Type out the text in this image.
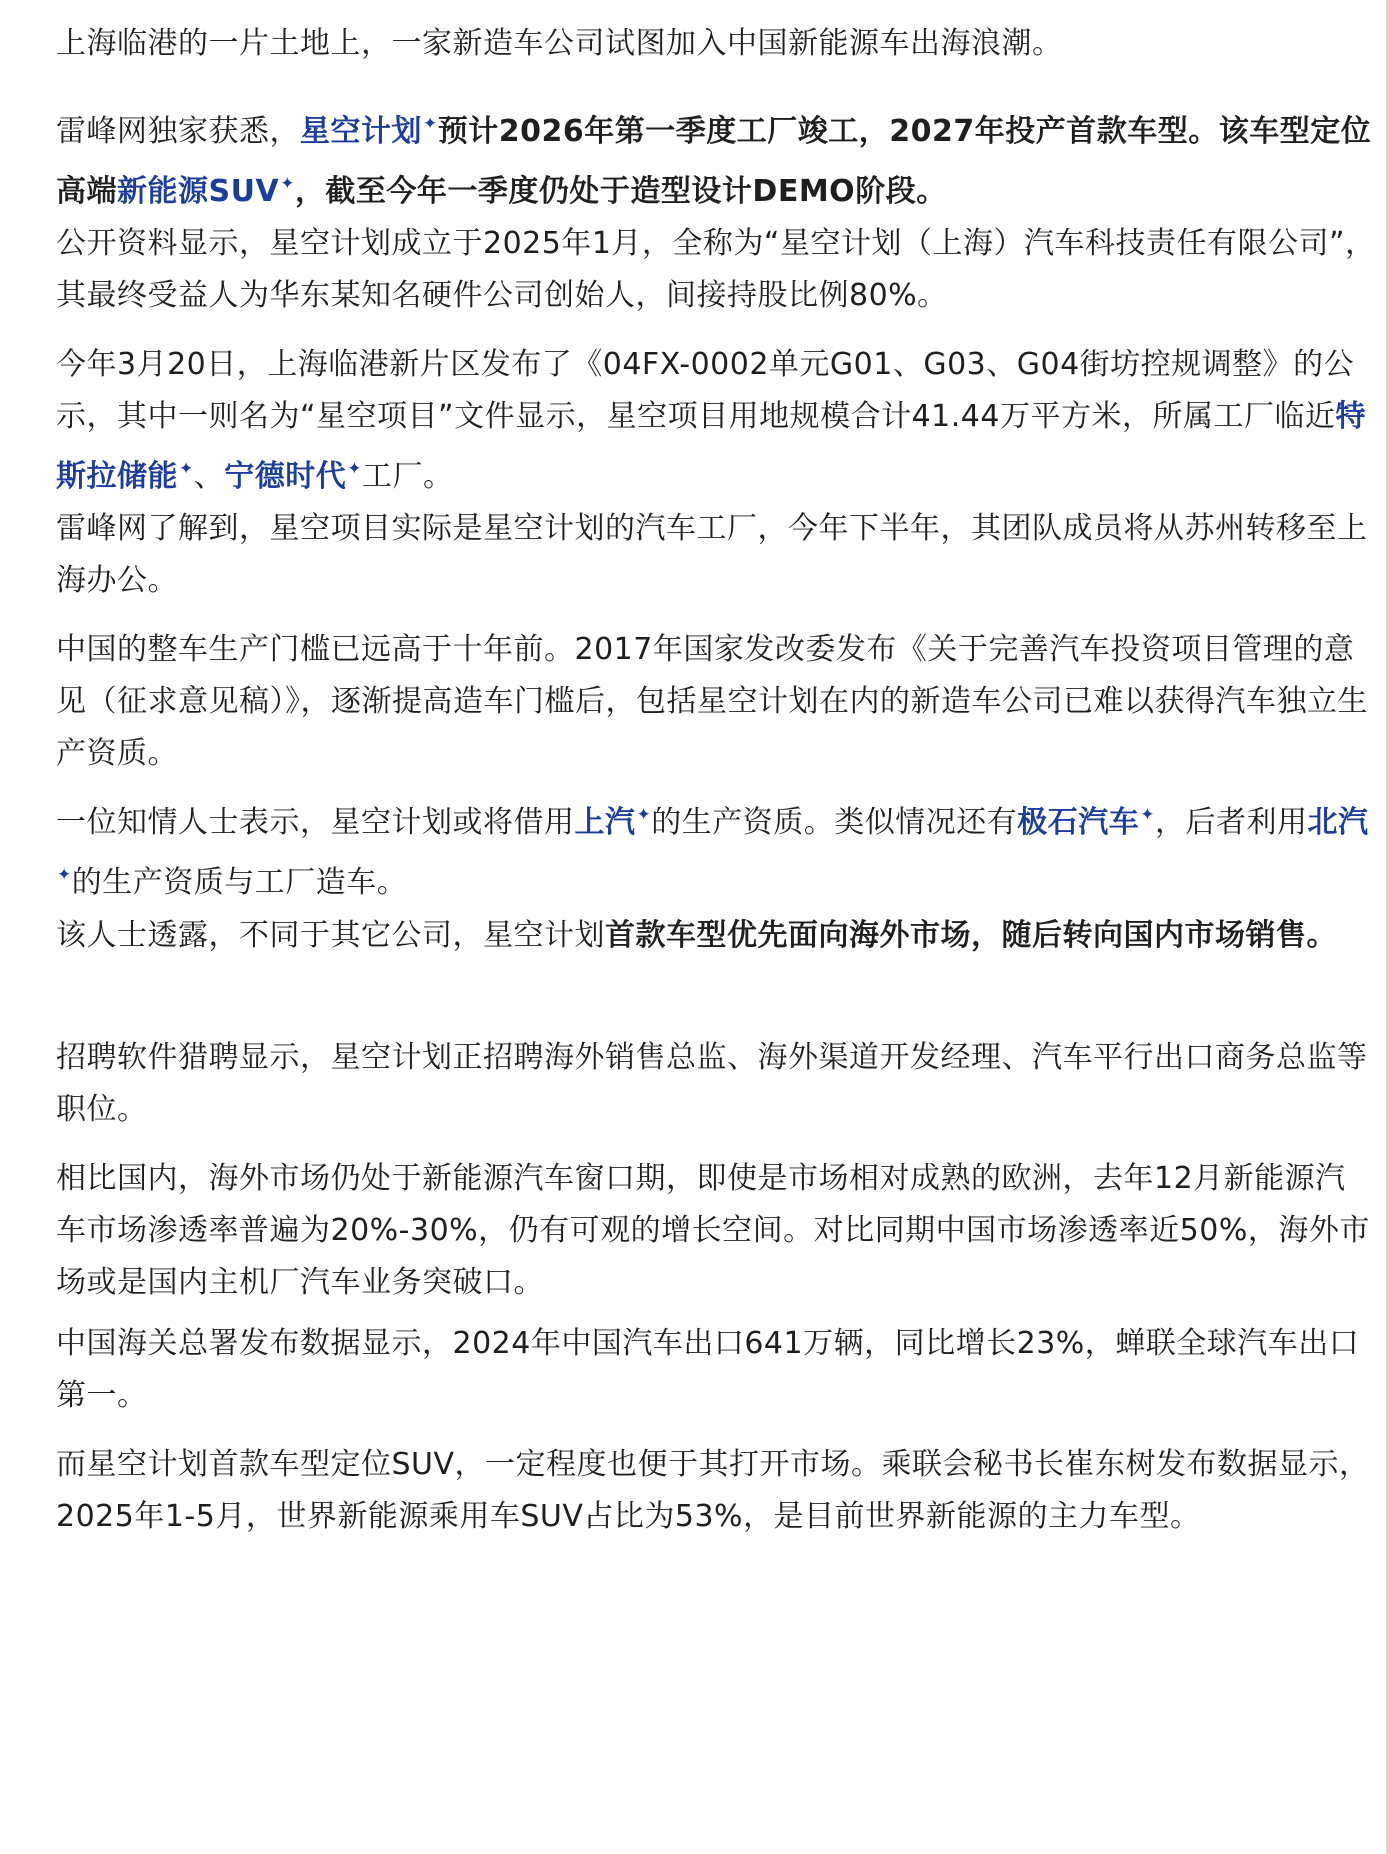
上海临港的一片土地上，一家新造车公司试图加入中国新能源车出海浪潮。

雷峰网独家获悉，星空计划✦预计2026年第一季度工厂竣工，2027年投产首款车型。该车型定位高端新能源SUV✦，截至今年一季度仍处于造型设计DEMO阶段。

公开资料显示，星空计划成立于2025年1月，全称为“星空计划（上海）汽车科技责任有限公司”，其最终受益人为华东某知名硬件公司创始人，间接持股比例80%。

今年3月20日，上海临港新片区发布了《04FX-0002单元G01、G03、G04街坊控规调整》的公示，其中一则名为“星空项目”文件显示，星空项目用地规模合计41.44万平方米，所属工厂临近特斯拉储能✦、宁德时代✦工厂。

雷峰网了解到，星空项目实际是星空计划的汽车工厂，今年下半年，其团队成员将从苏州转移至上海办公。

中国的整车生产门槛已远高于十年前。2017年国家发改委发布《关于完善汽车投资项目管理的意见（征求意见稿）》，逐渐提高造车门槛后，包括星空计划在内的新造车公司已难以获得汽车独立生产资质。

一位知情人士表示，星空计划或将借用上汽✦的生产资质。类似情况还有极石汽车✦，后者利用北汽✦的生产资质与工厂造车。

该人士透露，不同于其它公司，星空计划首款车型优先面向海外市场，随后转向国内市场销售。

招聘软件猎聘显示，星空计划正招聘海外销售总监、海外渠道开发经理、汽车平行出口商务总监等职位。

相比国内，海外市场仍处于新能源汽车窗口期，即使是市场相对成熟的欧洲，去年12月新能源汽车市场渗透率普遍为20%-30%，仍有可观的增长空间。对比同期中国市场渗透率近50%，海外市场或是国内主机厂汽车业务突破口。

中国海关总署发布数据显示，2024年中国汽车出口641万辆，同比增长23%，蝉联全球汽车出口第一。

而星空计划首款车型定位SUV，一定程度也便于其打开市场。乘联会秘书长崔东树发布数据显示，2025年1-5月，世界新能源乘用车SUV占比为53%，是目前世界新能源的主力车型。
